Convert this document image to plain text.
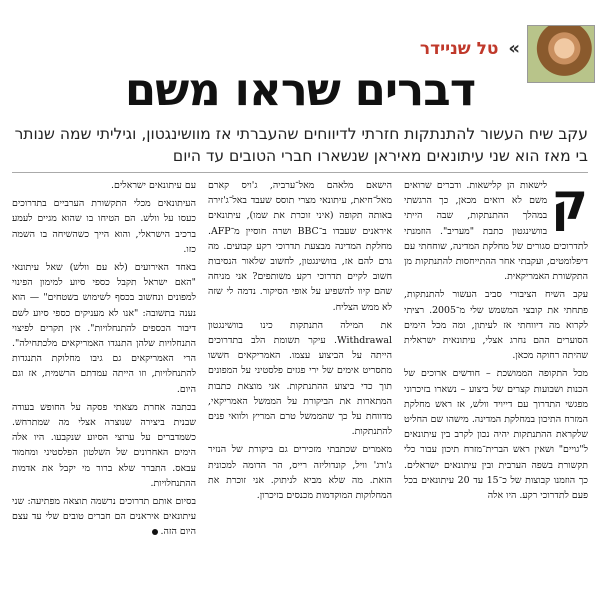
» טל שניידר
דברים שראו משם
עקב שיח העשור להתנתקות חזרתי לדיווחים שהעברתי אז מוושינגטון, וגיליתי שמה שנותר בי מאז הוא שני עיתונאים מאיראן שנשארו חברי הטובים עד היום
ק

לישאות הן קלישאות. ודברים שרואים משם לא רואים מכאן, כך הרגשתי במהלך ההתנתקות, שבה הייתי בוושינגטון כתבת "מעריב". הוזמנתי לתדרוכים סגורים של מחלקת המדינה, שוחחתי עם דיפלומטים, ועקבתי אחר ההתייחסות להתנתקות מן התקשורת האמריקאית.

עקב השיח הציבורי סביב העשור להתנתקות, פתחתי את קובצי המשמש שלי מ־2005. רציתי לקרוא מה דיווחתי אז לעיתון, ומה מכל הימים הסוערים ההם נחרג אצלי, עיתונאית ישראלית שהיתה רחוקה מכאן.

מכל התקופה הממושכת – חודשים ארוכים של הכנות ושבועות קצרים של ביצוע – נשארו בזיכרוני מפגשי התדרוך עם דייויד וולש, אז ראש מחלקת המזרח התיכון במחלקת המדינה. מישהו שם החליט שלקראת ההתנתקות יהיה נכון לקרב בין עיתונאים ל"גויים" ושאין ראש הברית־מזרח תיכון עבור כלי תקשורת בשפה הערבית ובין עיתונאים ישראלים. כך הוזמנו קבוצות של כ־15 עד 20 עיתונאים בכל פעם לתדרוכי רקע. היו אלה

הישאם מלאהם מאל־ערביה, ג'ויס קארם מאל־חיאת, עיתונאי מצרי תוסס שעבד באל־ג'זירה באותה תקופה (איני זוכרת את שמו), עיתונאים איראנים שעבדו ב־BBC ושרה חוסיין מ־AFP. מחלקת המדינה מבצעת תדרוכי רקע קבועים. מה גרם להם אז, בוושינגטון, לחשוב שלאור הנסיבות חשוב לקיים תדרוכי רקע משותפים? אני מניחה שהם קיוו להשפיע על אופי הסיקור. נדמה לי שזה לא ממש הצליח.

את המילה התנתקות כינו בוושינגטון Withdrawal. עיקר תשומת הלב בתדרוכים הייתה על הביצוע עצמו. האמריקאים חששו מתסריט אימים של ירי פגזים פלסטיני על המפונים תוך כדי ביצוע ההתנתקות. אני מוצאת כתבות המתארות את הביקורת על הממשל האמריקאי, מדווחת על כך שהממשל טרם המריץ ולוואי פנים להתנתקות.

מאמרים שכתבתי מזכירים גם ביקורת של הנזיר ג'ורג' וויל, קונדוליזה רייס, הר הדומה למכונית הזאת. מה שלא מביא לניתוק. אני זוכרת את המחלוקות המוקדמות מכנסים בזיכרון.

עם עיתונאים ישראלים.

העיתונאים מכלי התקשורת הערביים בתדרוכים כעסו על וולש. הם הטיחו בו שהוא מגיים לעמע ברכיב הישראלי, והוא הייך כשהשיחה בו השמה כזו.

באחד האירועים (לא עם וולש) שאל עיתונאי "האם ישראל תקבל כספי סיוע למימון הפינוי למפונים ונחשוב בכסף לשימוש בשטחים" — הוא נענה בתשובה: "אנו לא מעניקים כספי סיוע לשם דיבור הכספים להתנחלויות". אין תקרים לפיצוי התנחלויות שלהן התנגדו האמריקאים מלכתחילה". הרי האמריקאים גם גיבו מחלוקת התנגדות להתנחלויות, וזו הייתה עמדתם הרשמית, אז וגם היום.

בכתבה אחרת מצאתי פסקה על החופש בעודה שבנית ביצירה שנוצרה אצלי מה שמתרחש. כשמדברים על ערוצי הסיוע שנקבעו. היו אלה הימים האחרונים של השלטון הפלסטיני ומחמוד עבאס. התברר שלא ברור מי יקבל את אדמות ההתנחלויות.

בסיום אותם תדרוכים נרשמה תוצאה מפתיעה: שני עיתונאים איראנים הם חברים טובים שלי עד עצם היום הזה.
